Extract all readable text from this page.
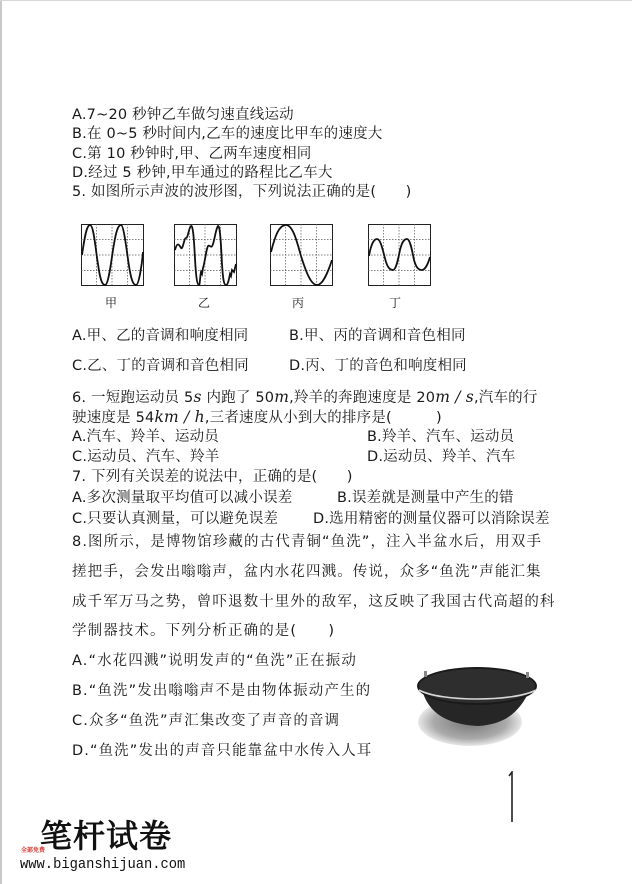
A.7~20 秒钟乙车做匀速直线运动
B.在 0~5 秒时间内,乙车的速度比甲车的速度大
C.第 10 秒钟时,甲、乙两车速度相同
D.经过 5 秒钟,甲车通过的路程比乙车大
5. 如图所示声波的波形图，下列说法正确的是(　　)
甲	乙	丙	丁
A.甲、乙的音调和响度相同	B.甲、丙的音调和音色相同
C.乙、丁的音调和音色相同	D.丙、丁的音色和响度相同
6. 一短跑运动员 5s 内跑了 50m,羚羊的奔跑速度是 20m / s,汽车的行
驶速度是 54km / h,三者速度从小到大的排序是(　　　)
A.汽车、羚羊、运动员	B.羚羊、汽车、运动员
C.运动员、汽车、羚羊	D.运动员、羚羊、汽车
7. 下列有关误差的说法中，正确的是(　　)
A.多次测量取平均值可以减小误差	B.误差就是测量中产生的错
C.只要认真测量，可以避免误差 D.选用精密的测量仪器可以消除误差
8.图所示，是博物馆珍藏的古代青铜“鱼洗”，注入半盆水后，用双手
搓把手，会发出嗡嗡声，盆内水花四溅。传说，众多“鱼洗”声能汇集
成千军万马之势，曾吓退数十里外的敌军，这反映了我国古代高超的科
学制器技术。下列分析正确的是(　　)
A.“水花四溅”说明发声的“鱼洗”正在振动
B.“鱼洗”发出嗡嗡声不是由物体振动产生的
C.众多“鱼洗”声汇集改变了声音的音调
D.“鱼洗”发出的声音只能靠盆中水传入人耳
笔杆试卷
全部免费
www.biganshijuan.com
